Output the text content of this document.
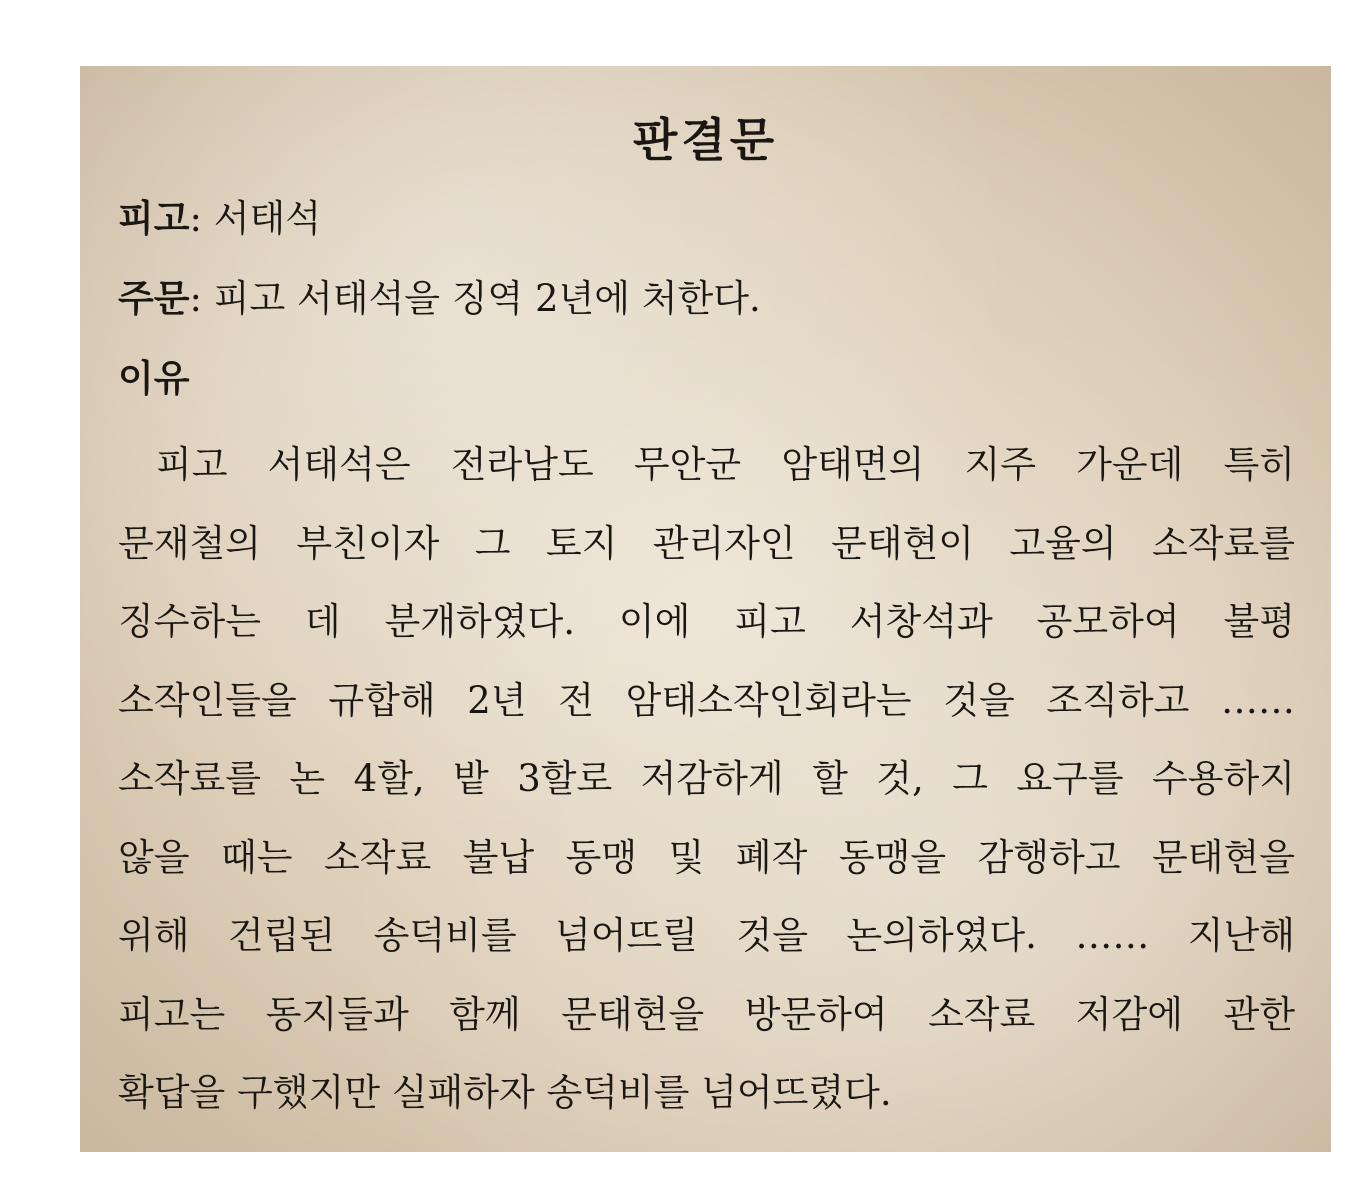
판결문
피고: 서태석
주문: 피고 서태석을 징역 2년에 처한다.
이유
피고 서태석은 전라남도 무안군 암태면의 지주 가운데 특히
문재철의 부친이자 그 토지 관리자인 문태현이 고율의 소작료를
징수하는 데 분개하였다. 이에 피고 서창석과 공모하여 불평
소작인들을 규합해 2년 전 암태소작인회라는 것을 조직하고 ……
소작료를 논 4할, 밭 3할로 저감하게 할 것, 그 요구를 수용하지
않을 때는 소작료 불납 동맹 및 폐작 동맹을 감행하고 문태현을
위해 건립된 송덕비를 넘어뜨릴 것을 논의하였다. …… 지난해
피고는 동지들과 함께 문태현을 방문하여 소작료 저감에 관한
확답을 구했지만 실패하자 송덕비를 넘어뜨렸다.
